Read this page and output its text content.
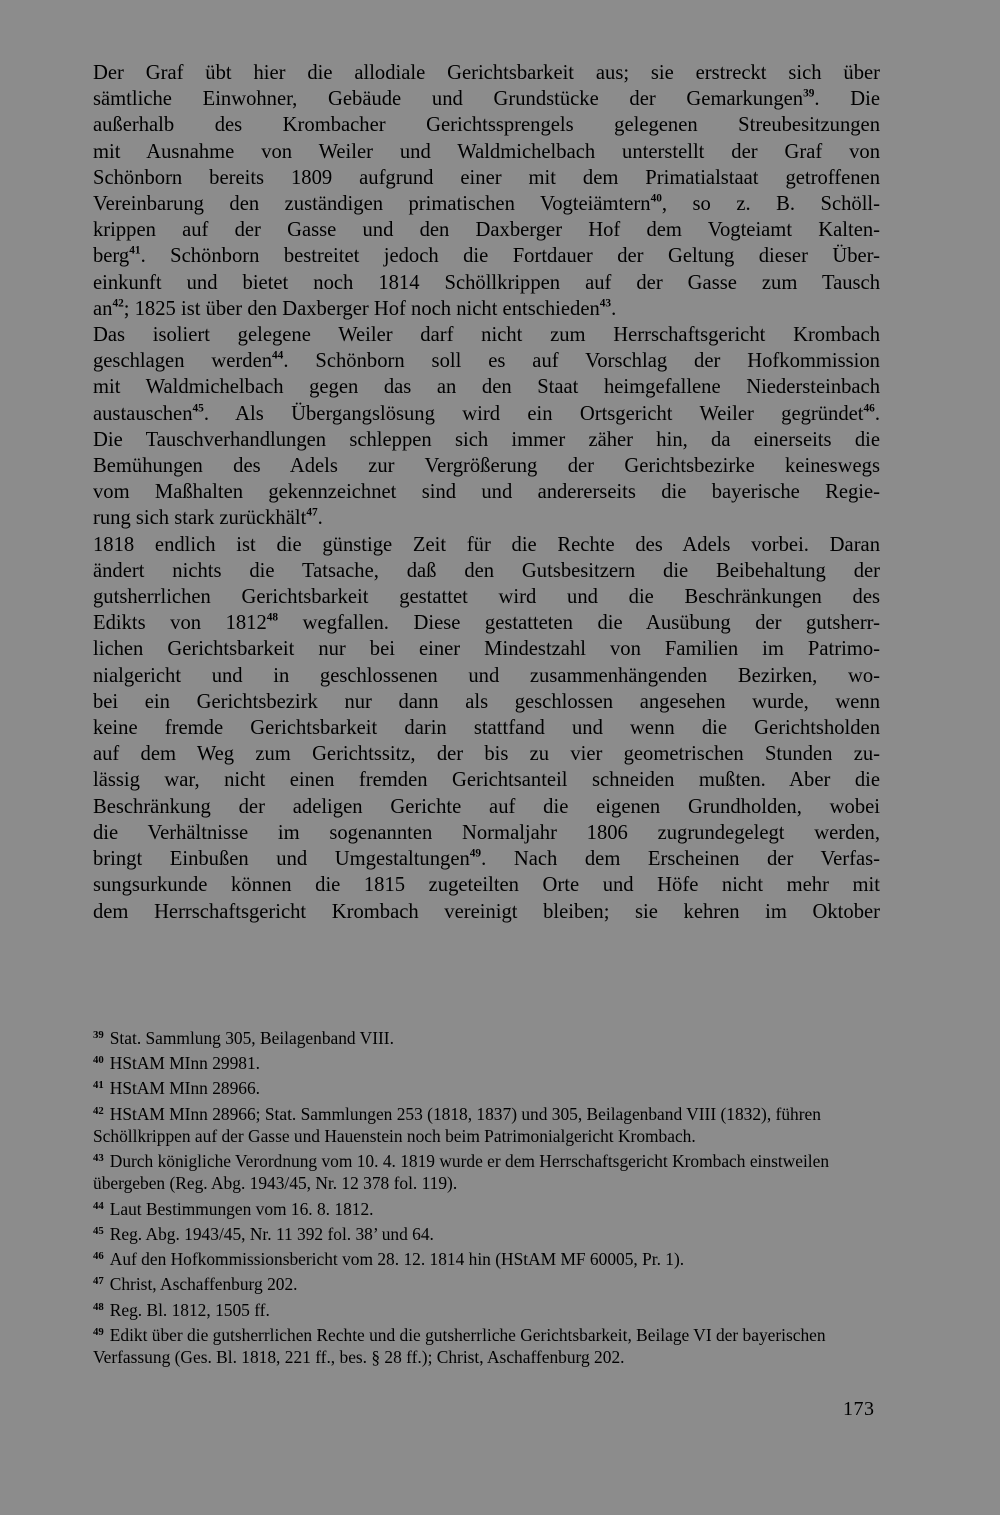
Der Graf übt hier die allodiale Gerichtsbarkeit aus; sie erstreckt sich über
sämtliche Einwohner, Gebäude und Grundstücke der Gemarkungen$^{39}$. Die
außerhalb des Krombacher Gerichtssprengels gelegenen Streubesitzungen
mit Ausnahme von Weiler und Waldmichelbach unterstellt der Graf von
Schönborn bereits 1809 aufgrund einer mit dem Primatialstaat getroffenen
Vereinbarung den zuständigen primatischen Vogteiämtern$^{40}$, so z. B. Schöll-
krippen auf der Gasse und den Daxberger Hof dem Vogteiamt Kalten-
berg$^{41}$. Schönborn bestreitet jedoch die Fortdauer der Geltung dieser Über-
einkunft und bietet noch 1814 Schöllkrippen auf der Gasse zum Tausch
$an^{42}$; 1825 ist über den Daxberger Hof noch nicht entschieden$^{43}$.

Das isoliert gelegene Weiler darf nicht zum Herrschaftsgericht Krombach
geschlagen werden$^{44}$. Schönborn soll es auf Vorschlag der Hofkommission
mit Waldmichelbach gegen das an den Staat heimgefallene Niedersteinbach
austauschen$^{45}$. Als Übergangslösung wird ein Ortsgericht Weiler gegründet$^{46}$.
Die Tauschverhandlungen schleppen sich immer zäher hin, da einerseits die
Bemühungen des Adels zur Vergrößerung der Gerichtsbezirke keineswegs
vom Maßhalten gekennzeichnet sind und andererseits die bayerische Regie-
rung sich stark zurückhält$^{47}$.

1818 endlich ist die günstige Zeit für die Rechte des Adels vorbei. Daran
ändert nichts die Tatsache, daß den Gutsbesitzern die Beibehaltung der
gutsherrlichen Gerichtsbarkeit gestattet wird und die Beschränkungen des
Edikts von 1812$^{48}$ wegfallen. Diese gestatteten die Ausübung der gutsherr-
lichen Gerichtsbarkeit nur bei einer Mindestzahl von Familien im Patrimo-
nialgericht und in geschlossenen und zusammenhängenden Bezirken, wo-
bei ein Gerichtsbezirk nur dann als geschlossen angesehen wurde, wenn
keine fremde Gerichtsbarkeit darin stattfand und wenn die Gerichtsholden
auf dem Weg zum Gerichtssitz, der bis zu vier geometrischen Stunden zu-
lässig war, nicht einen fremden Gerichtsanteil schneiden mußten. Aber die
Beschränkung der adeligen Gerichte auf die eigenen Grundholden, wobei
die Verhältnisse im sogenannten Normaljahr 1806 zugrundegelegt werden,
bringt Einbußen und Umgestaltungen$^{49}$. Nach dem Erscheinen der Verfas-
sungsurkunde können die 1815 zugeteilten Orte und Höfe nicht mehr mit
dem Herrschaftsgericht Krombach vereinigt bleiben; sie kehren im Oktober

$^{39}$ Stat. Sammlung 305, Beilagenband VIII.

$^{40}$ HStAM MInn 29981.

$^{41}$ HStAM MInn 28966.

$^{42}$ HStAM MInn 28966; Stat. Sammlungen 253 (1818, 1837) und 305, Beilagenband VIII (1832), führen Schöllkrippen auf der Gasse und Hauenstein noch beim Patrimonialgericht Krombach.

$^{43}$ Durch königliche Verordnung vom 10. 4. 1819 wurde er dem Herrschaftsgericht Krombach einstweilen übergeben (Reg. Abg. 1943/45, Nr. 12 378 fol. 119).

$^{44}$ Laut Bestimmungen vom 16. 8. 1812.

$^{45}$ Reg. Abg. 1943/45, Nr. 11 392 fol. 38’ und 64.

$^{46}$ Auf den Hofkommissionsbericht vom 28. 12. 1814 hin (HStAM MF 60005, Pr. 1).

$^{47}$ Christ, Aschaffenburg 202.

$^{48}$ Reg. Bl. 1812, 1505 ff.

$^{49}$ Edikt über die gutsherrlichen Rechte und die gutsherrliche Gerichtsbarkeit, Beilage VI der bayerischen Verfassung (Ges. Bl. 1818, 221 ff., bes. § 28 ff.); Christ, Aschaffenburg 202.

173
